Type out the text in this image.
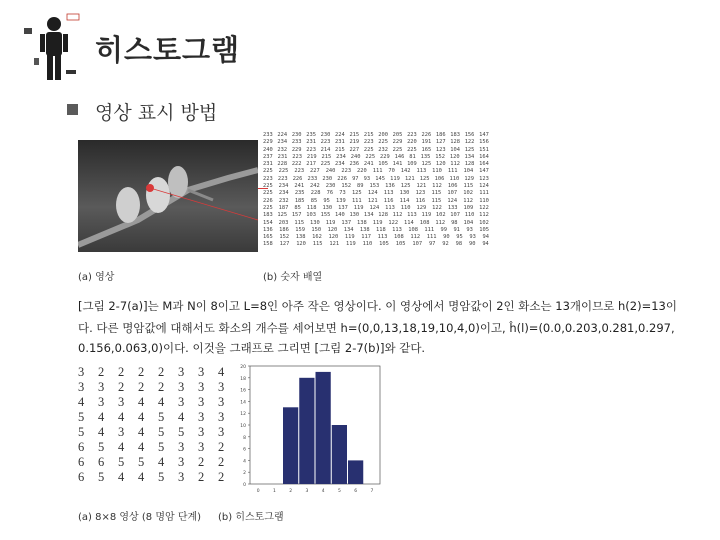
히스토그램
영상 표시 방법
233 224 230 235 230 224 215 215 200 205 223 226 186 183 156 147
229 234 233 231 223 231 219 223 225 229 220 191 127 128 122 156
240 232 229 223 214 215 227 225 232 225 225 165 123 104 125 151
237 231 223 219 215 234 240 225 229 146 81 135 152 120 134 164
231 228 222 217 225 234 236 241 105 141 109 125 120 112 128 164
225 225 223 227 240 223 220 111 70 142 113 110 111 104 147
223 223 226 233 230 226 97 93 145 119 121 125 106 110 129 123
225 234 241 242 230 152 89 153 136 125 121 112 106 115 124
225 234 235 228 76 73 125 124 113 130 123 115 107 102 111
226 232 185 85 95 139 111 121 116 114 116 115 124 112 110
225 187 85 118 130 137 119 124 113 110 129 122 133 109 122
183 125 157 103 155 140 130 134 128 112 113 119 102 107 110 112
154 203 115 130 119 137 138 119 122 114 108 112 98 104 102
136 186 159 150 120 134 138 118 113 108 111 99 91 93 105
165 152 138 162 120 119 117 113 108 112 111 90 95 93 94
158 127 120 115 121 119 110 105 105 107 97 92 98 90 94
(a) 영상	(b) 숫자 배열
[그림 2-7(a)]는 M과 N이 8이고 L=8인 아주 작은 영상이다. 이 영상에서 명암값이 2인 화소는 13개이므로 h(2)=13이
다. 다른 명암값에 대해서도 화소의 개수를 세어보면 h=(0,0,13,18,19,10,4,0)이고, ĥ(l)=(0.0,0.203,0.281,0.297,
0.156,0.063,0)이다. 이것을 그래프로 그리면 [그림 2-7(b)]와 같다.
3	2	2	2	2	3	3	4
3	3	2	2	2	3	3	3
4	3	3	4	4	3	3	3
5	4	4	4	5	4	3	3
5	4	3	4	5	5	3	3
6	5	4	4	5	3	3	2
6	6	5	5	4	3	2	2
6	5	4	4	5	3	2	2
0
2
4
6
8
10
12
14
16
18
20
0	1	2	3	4	5	6	7
(a) 8×8 영상 (8 명암 단계) (b) 히스토그램
